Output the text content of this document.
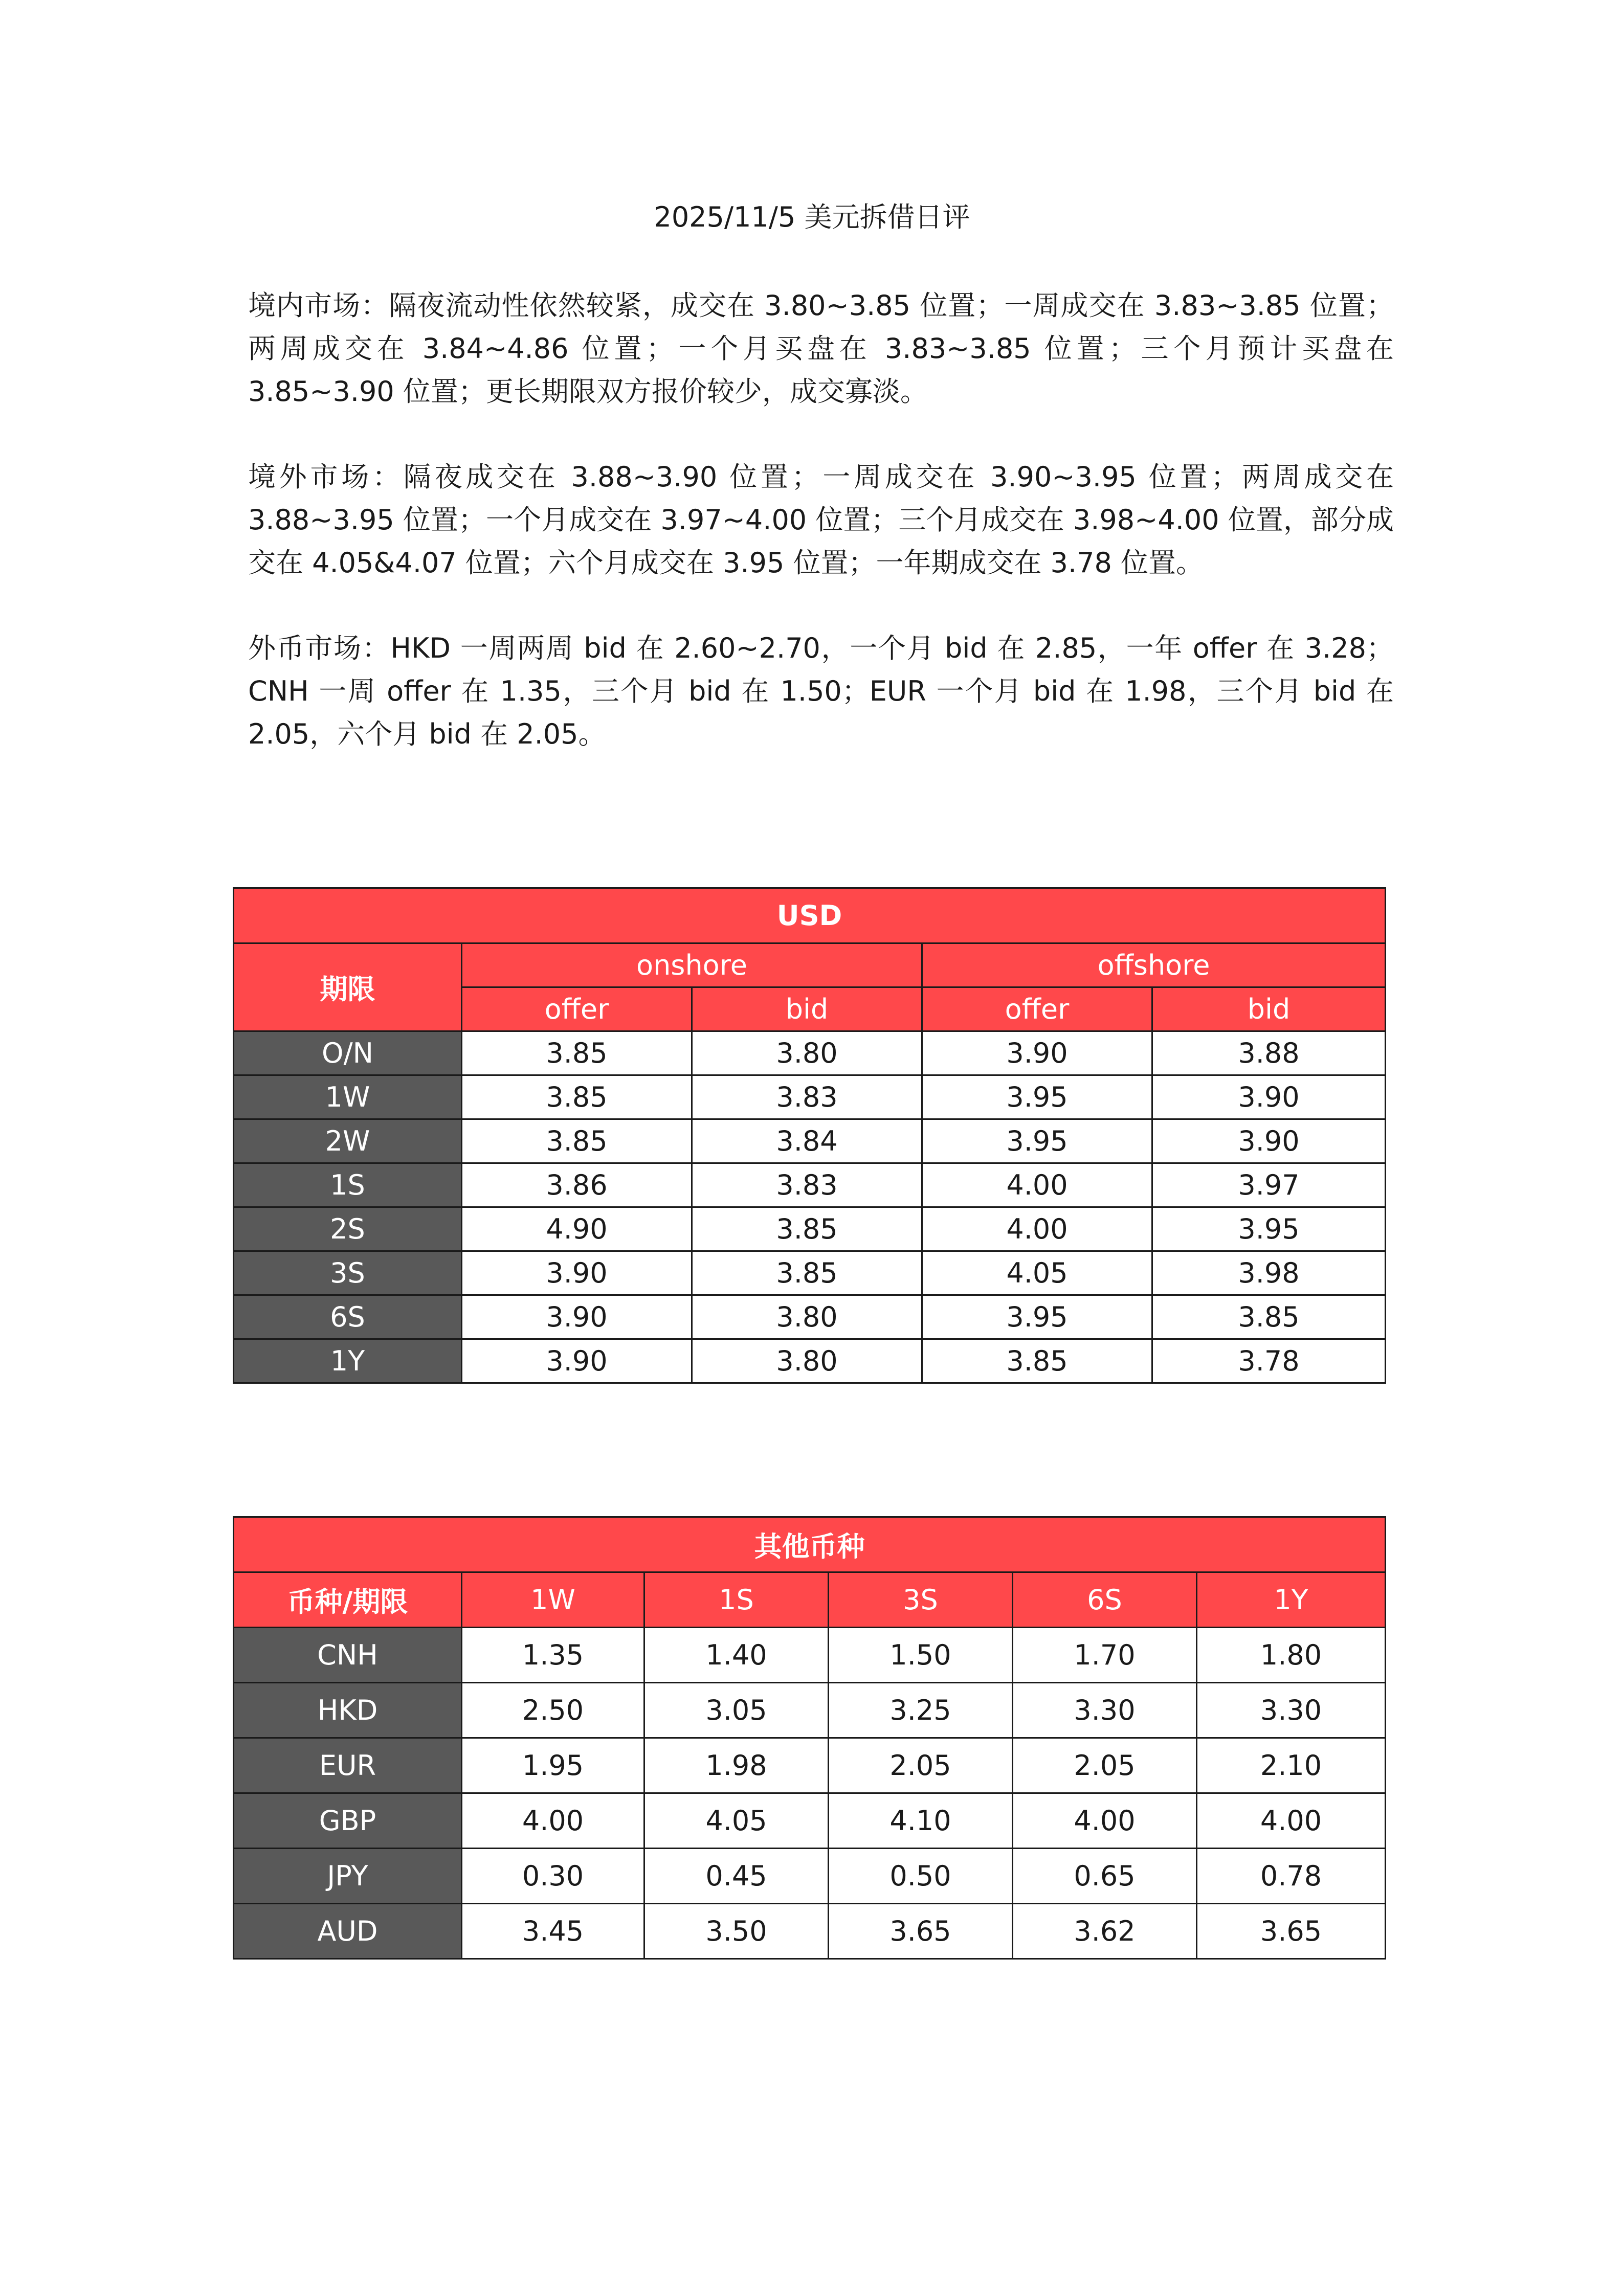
2025/11/5 美元拆借日评

境内市场：隔夜流动性依然较紧，成交在 3.80~3.85 位置；一周成交在 3.83~3.85 位置；两周成交在 3.84~4.86 位置；一个月买盘在 3.83~3.85 位置；三个月预计买盘在 3.85~3.90 位置；更长期限双方报价较少，成交寡淡。

境外市场：隔夜成交在 3.88~3.90 位置；一周成交在 3.90~3.95 位置；两周成交在 3.88~3.95 位置；一个月成交在 3.97~4.00 位置；三个月成交在 3.98~4.00 位置，部分成交在 4.05&4.07 位置；六个月成交在 3.95 位置；一年期成交在 3.78 位置。

外币市场：HKD 一周两周 bid 在 2.60~2.70，一个月 bid 在 2.85，一年 offer 在 3.28；CNH 一周 offer 在 1.35，三个月 bid 在 1.50；EUR 一个月 bid 在 1.98，三个月 bid 在 2.05，六个月 bid 在 2.05。

USD				
期限	onshore		offshore	
	offer	bid	offer	bid
O/N	3.85	3.80	3.90	3.88
1W	3.85	3.83	3.95	3.90
2W	3.85	3.84	3.95	3.90
1S	3.86	3.83	4.00	3.97
2S	4.90	3.85	4.00	3.95
3S	3.90	3.85	4.05	3.98
6S	3.90	3.80	3.95	3.85
1Y	3.90	3.80	3.85	3.78
其他币种					
币种/期限	1W	1S	3S	6S	1Y
CNH	1.35	1.40	1.50	1.70	1.80
HKD	2.50	3.05	3.25	3.30	3.30
EUR	1.95	1.98	2.05	2.05	2.10
GBP	4.00	4.05	4.10	4.00	4.00
JPY	0.30	0.45	0.50	0.65	0.78
AUD	3.45	3.50	3.65	3.62	3.65
